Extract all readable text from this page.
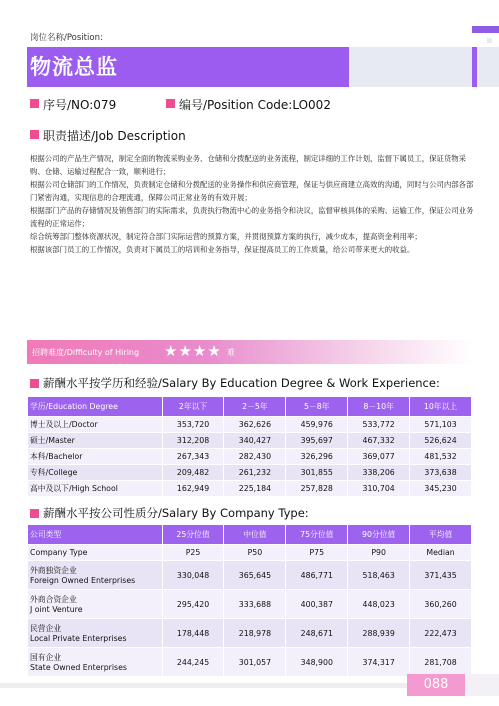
岗位名称/Position:
物流总监
序号/NO:079	编号/Position Code:LO002
职责描述/Job Description

根据公司的产品生产情况，制定全面的物流采购业务、仓储和分拨配送的业务流程，制定详细的工作计划，监督下属员工，保证货物采购、仓储、运输过程配合一致，顺利进行；

根据公司仓储部门的工作情况，负责制定仓储和分拨配送的业务操作和供应商管理，保证与供应商建立高效的沟通，同时与公司内部各部门紧密沟通，实现信息的合理流通，保障公司正常业务的有效开展；

根据部门产品的存储情况及销售部门的实际需求，负责执行物流中心的业务指令和决议，监督审核具体的采购、运输工作，保证公司业务流程的正常运作；

综合统筹部门整体资源状况，制定符合部门实际运营的预算方案，并贯彻预算方案的执行，减少成本，提高资金利用率；

根据该部门员工的工作情况，负责对下属员工的培训和业务指导，保证提高员工的工作质量，给公司带来更大的收益。

招聘难度/Difficulty of Hiring ★★★★ 难
薪酬水平按学历和经验/Salary By Education Degree & Work Experience:
学历/Education Degree	2年以下	2－5年	5－8年	8－10年	10年以上
博士及以上/Doctor	353,720	362,626	459,976	533,772	571,103
硕士/Master	312,208	340,427	395,697	467,332	526,624
本科/Bachelor	267,343	282,430	326,296	369,077	481,532
专科/College	209,482	261,232	301,855	338,206	373,638
高中及以下/High School	162,949	225,184	257,828	310,704	345,230
薪酬水平按公司性质分/Salary By Company Type:
公司类型	25分位值	中位值	75分位值	90分位值	平均值
Company Type	P25	P50	P75	P90	Median

外商独资企业
Foreign Owned Enterprises	330,048	365,645	486,771	518,463	371,435

外商合资企业
J oint Venture	295,420	333,688	400,387	448,023	360,260

民营企业
Local Private Enterprises	178,448	218,978	248,671	288,939	222,473

国有企业
State Owned Enterprises	244,245	301,057	348,900	374,317	281,708
088
